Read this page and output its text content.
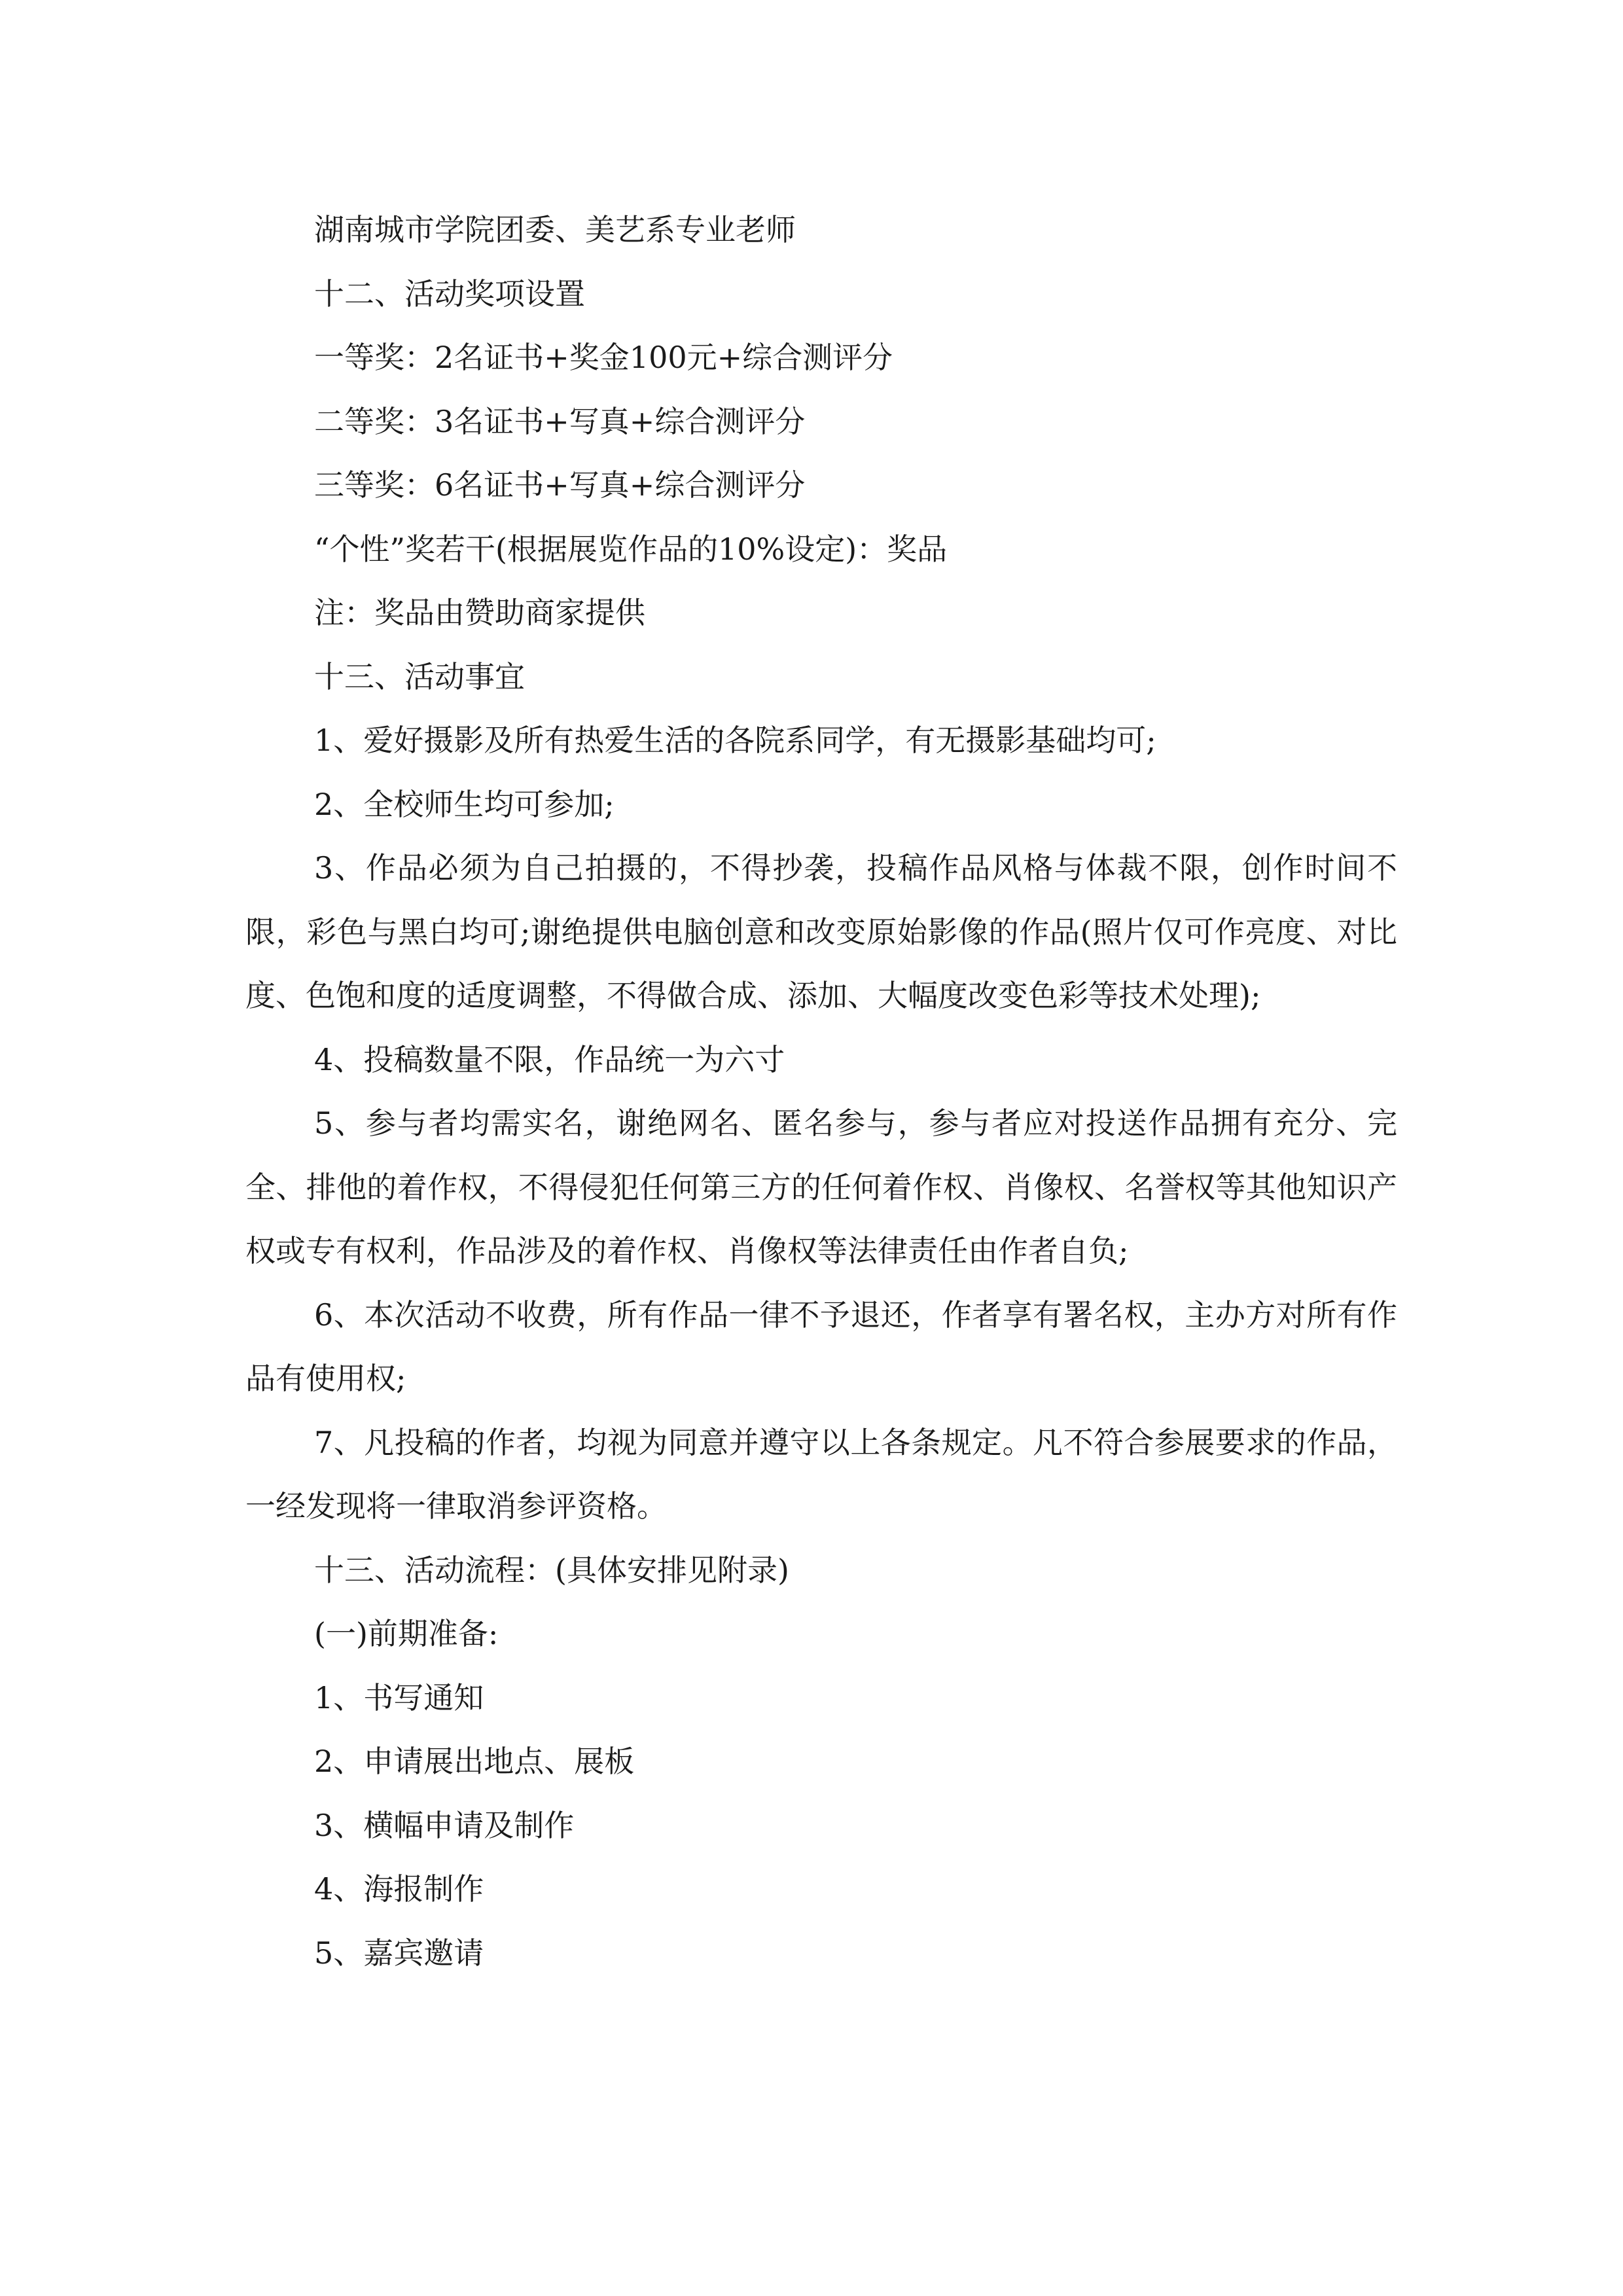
湖南城市学院团委、美艺系专业老师

十二、活动奖项设置

一等奖：2名证书+奖金100元+综合测评分

二等奖：3名证书+写真+综合测评分

三等奖：6名证书+写真+综合测评分

“个性”奖若干(根据展览作品的10%设定)：奖品

注：奖品由赞助商家提供

十三、活动事宜

1、爱好摄影及所有热爱生活的各院系同学，有无摄影基础均可;

2、全校师生均可参加;

3、作品必须为自己拍摄的，不得抄袭，投稿作品风格与体裁不限，创作时间不限，彩色与黑白均可;谢绝提供电脑创意和改变原始影像的作品(照片仅可作亮度、对比度、色饱和度的适度调整，不得做合成、添加、大幅度改变色彩等技术处理);

4、投稿数量不限，作品统一为六寸

5、参与者均需实名，谢绝网名、匿名参与，参与者应对投送作品拥有充分、完全、排他的着作权，不得侵犯任何第三方的任何着作权、肖像权、名誉权等其他知识产权或专有权利，作品涉及的着作权、肖像权等法律责任由作者自负;

6、本次活动不收费，所有作品一律不予退还，作者享有署名权，主办方对所有作品有使用权;

7、凡投稿的作者，均视为同意并遵守以上各条规定。凡不符合参展要求的作品，一经发现将一律取消参评资格。

十三、活动流程：(具体安排见附录)

(一)前期准备:

1、书写通知

2、申请展出地点、展板

3、横幅申请及制作

4、海报制作

5、嘉宾邀请
